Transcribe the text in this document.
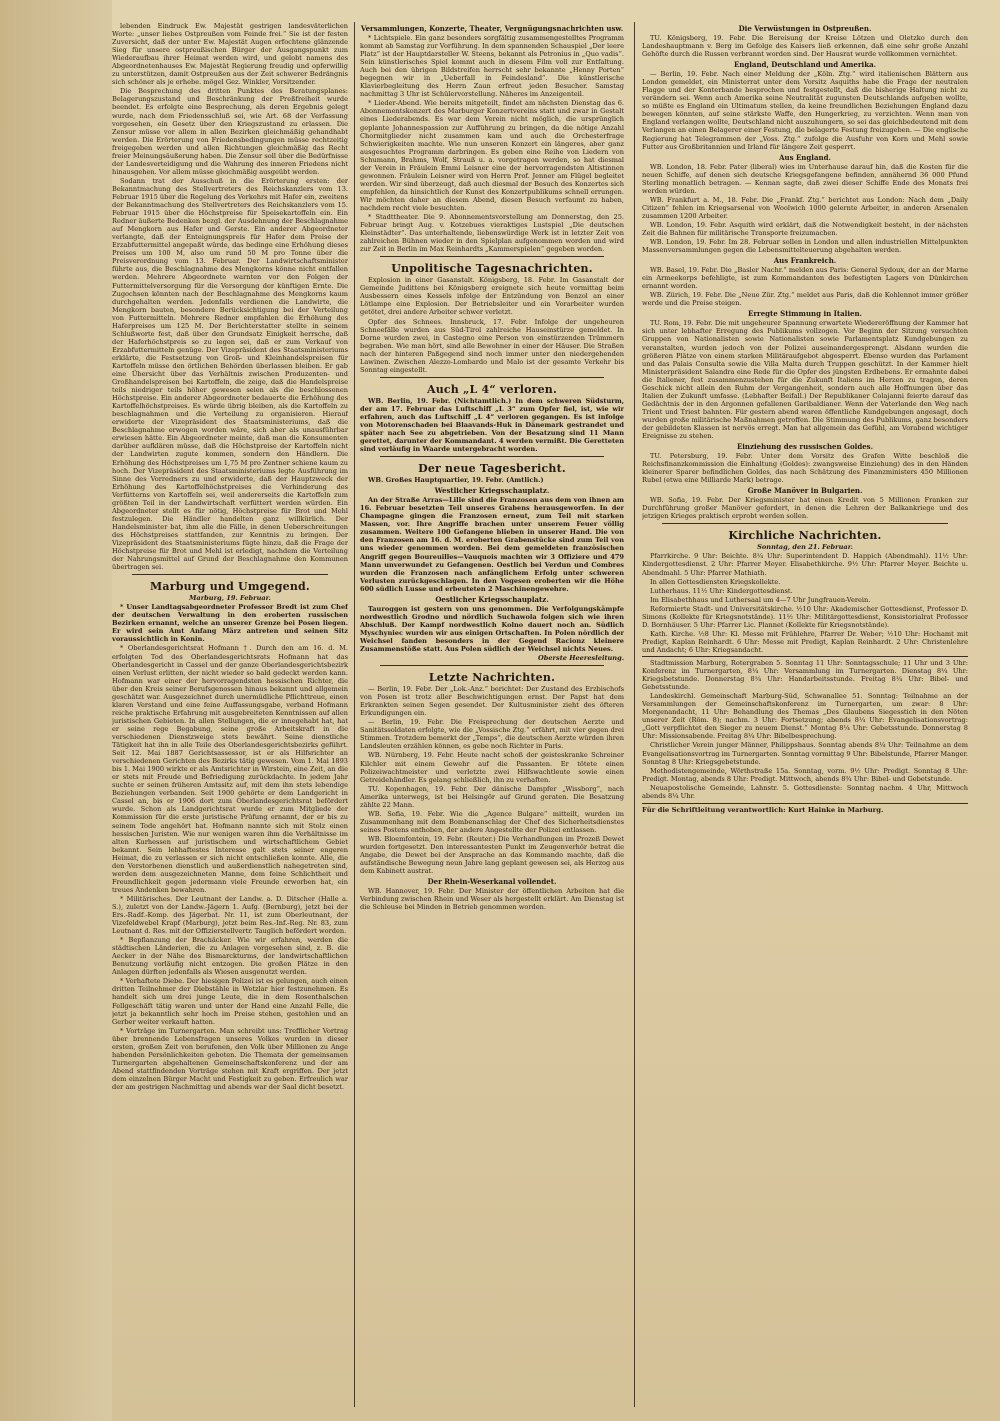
lebenden Eindruck Ew. Majestät gestrigen landesväterlichen Worte: „unser liebes Ostpreußen vom Feinde frei.“ Sie ist der festen Zuversicht, daß der unter Ew. Majestät Augen erfochtene glänzende Sieg für unsere ostpreußischen Bürger der Ausgangspunkt zum Wiederaufbau ihrer Heimat werden wird, und gelobt namens des Abgeordnetenhauses Ew. Majestät Regierung freudig und opferwillig zu unterstützen, damit Ostpreußen aus der Zeit schwerer Bedrängnis sich schöner als je erhebe. mögel Gez. Winkler, Vorsitzender.

Die Besprechung des dritten Punktes des Beratungsplanes: Belagerungszustand und Beschränkung der Preßfreiheit wurde beendet. Es erfolgte eine Besprechung, als deren Ergebnis gelegt wurde, nach dem Friedensschluß sei, wie Art. 68 der Verfassung vorgesehen, ein Gesetz über den Kriegszustand zu erlassen. Die Zensur müsse vor allem in allen Bezirken gleichmäßig gehandhabt werden. Die Erörterung von Friedensbedingungen müsse rechtzeitig freigegeben werden und allen Richtungen gleichmäßig das Recht freier Meinungsäußerung haben. Die Zensur soll über die Bedürfnisse der Landesverteidigung und die Wahrung des inneren Friedens nicht hinausgehen. Vor allem müsse gleichmäßig ausgeübt werden.

Sodann trat der Ausschuß in die Erörterung ersten: der Bekanntmachung des Stellvertreters des Reichskanzlers vom 13. Februar 1915 über die Regelung des Verkehrs mit Hafer ein, zweitens der Bekanntmachung des Stellvertreters des Reichskanzlers vom 15. Februar 1915 über die Höchstpreise für Speisekartoffeln ein. Ein Redner äußerte Bedenken bezgl. der Ausdehnung der Beschlagnahme auf Mengkorn aus Hafer und Gerste. Ein anderer Abgeordneter verlangte, daß der Enteignungspreis für Hafer dem Preise der Erzabfuttermittel angepaßt würde, das bedinge eine Erhöhung dieses Preises um 100 M, also um rund 50 M pro Tonne über die Preisverordnung vom 13. Februar. Der Landwirtschaftsminister führte aus, die Beschlagnahme des Mengkorns könne nicht entfallen werden. Mehrere Abgeordnete warnten vor den Folgen der Futtermittelversorgung für die Versorgung der künftigen Ernte. Die Zugochsen könnten nach der Beschlagnahme des Mengkorns kaum durchgehalten werden. Jedenfalls verdienen die Landwirte, die Mengkorn bauten, besondere Berücksichtigung bei der Verteilung von Futtermitteln. Mehrere Redner empfahlen die Erhöhung des Haferpreises um 125 M. Der Berichterstatter stellte in seinem Schlußworte fest, daß über den Grundsatz Einigkeit herrsche, daß der Haferhöchstpreis so zu legen sei, daß er zum Verkauf von Erzabfuttermitteln genüge. Der Vizepräsident des Staatsministeriums erklärte, die Festsetzung von Groß- und Kleinhandelspreisen für Kartoffeln müsse den örtlichen Behörden überlassen bleiben. Er gab eine Übersicht über das Verhältnis zwischen Produzenten- und Großhandelspreisen bei Kartoffeln, die zeige, daß die Handelspreise teils niedriger teils höher gewesen seien als die beschlossenen Höchstpreise. Ein anderer Abgeordneter bedauerte die Erhöhung des Kartoffelhöchstpreises. Es würde übrig bleiben, als die Kartoffeln zu beschlagnahmen und die Verteilung zu organisieren. Hierauf erwiderte der Vizepräsident des Staatsministeriums, daß die Beschlagnahme erwogen worden wäre, sich aber als unausführbar erwiesen hätte. Ein Abgeordneter meinte, daß man die Konsumenten darüber aufklären müsse, daß die Höchstpreise der Kartoffeln nicht der Landwirten zugute kommen, sondern den Händlern. Die Erhöhung des Höchstpreises um 1,75 M pro Zentner schiene kaum zu hoch. Der Vizepräsident des Staatsministeriums legte Ausführung im Sinne des Vorredners zu und erwiderte, daß der Hauptzweck der Erhöhung des Kartoffelhöchstpreises die Verhinderung des Verfütterns von Kartoffeln sei, weil andererseits die Kartoffeln zum größten Teil in der Landwirtschaft verfüttert werden würden. Ein Abgeordneter stellt es für nötig, Höchstpreise für Brot und Mehl festzulegen. Die Händler handelten ganz willkürlich. Der Handelsminister bat, ihm alle die Fälle, in denen Ueberschreitungen des Höchstpreises stattfanden, zur Kenntnis zu bringen. Der Vizepräsident des Staatsministeriums fügte hinzu, daß die Frage der Höchstpreise für Brot und Mehl ist erledigt, nachdem die Verteilung der Nahrungsmittel auf Grund der Beschlagnahme den Kommunen übertragen sei.

Marburg und Umgegend.
Marburg, 19. Februar.

* Unser Landtagsabgeordneter Professor Bredt ist zum Chef der deutschen Verwaltung in den eroberten russischen Bezirken ernannt, welche an unserer Grenze bei Posen liegen. Er wird sein Amt Anfang März antreten und seinen Sitz voraussichtlich in Konin.

* Oberlandesgerichtsrat Hofmann †. Durch den am 16. d. M. erfolgten Tod des Oberlandesgerichtsrats Hofmann hat das Oberlandesgericht in Cassel und der ganze Oberlandesgerichtsbezirk einen Verlust erlitten, der nicht wieder so bald gedeckt werden kann. Hofmann war einer der hervorragendsten hessischen Richter, die über den Kreis seiner Berufsgenossen hinaus bekannt und allgemein geschätzt war. Ausgezeichnet durch unermüdliche Pflichttreue, einen klaren Verstand und eine feine Auffassungsgabe, verband Hofmann reiche praktische Erfahrung mit ausgebreiteten Kenntnissen auf allen juristischen Gebieten. In allen Stellungen, die er innegehabt hat, hat er seine rege Begabung, seine große Arbeitskraft in die verschiedenen Dienstzweige stets bewährt. Seine dienstliche Tätigkeit hat ihn in alle Teile des Oberlandesgerichtsbezirks geführt. Seit 12. Mai 1887 Gerichtsassessor, ist er als Hilfsrichter an verschiedenen Gerichten des Bezirks tätig gewesen. Vom 1. Mai 1893 bis 1. Mai 1900 wirkte er als Amtsrichter in Wirstein, eine Zeit, an die er stets mit Freude und Befriedigung zurückdachte. In jedem Jahr suchte er seinen früheren Amtssitz auf, mit dem ihn stets lebendige Beziehungen verbanden. Seit 1900 gehörte er dem Landgericht in Cassel an, bis er 1906 dort zum Oberlandesgerichtsrat befördert wurde. Schon als Landgerichtsrat wurde er zum Mitgliede der Kommission für die erste juristische Prüfung ernannt, der er bis zu seinem Tode angehört hat. Hofmann nannte sich mit Stolz einen hessischen Juristen. Wie nur wenigen waren ihm die Verhältnisse im alten Kurhessen auf juristischem und wirtschaftlichem Gebiet bekannt. Sein lebhaftestes Interesse galt stets seiner engeren Heimat, die zu verlassen er sich nicht entschließen konnte. Alle, die den Verstorbenen dienstlich und außerdienstlich nahegetreten sind, werden dem ausgezeichneten Manne, dem feine Schlichtheit und Freundlichkeit gegen jedermann viele Freunde erworben hat, ein treues Andenken bewahren.

* Militärisches. Der Leutnant der Landw. a. D. Ditscher (Halle a. S.), zuletzt von der Landw.-Jägern 1. Aufg. (Bernburg), jetzt bei der Ers.-Radf.-Komp. des Jägerbat. Nr. 11, ist zum Oberleutnant, der Vizefeldwebel Krapf (Marburg), jetzt beim Res.-Inf.-Reg. Nr. 83, zum Leutnant d. Res. mit der Offizierstellvertr. Tauglich befördert worden.

* Bepflanzung der Brachäcker. Wie wir erfahren, werden die städtischen Länderien, die zu Anlagen vorgesehen sind, z. B. die Aecker in der Nähe des Bismarckturms, der landwirtschaftlichen Benutzung vorläufig nicht entzogen. Die großen Plätze in den Anlagen dürften jedenfalls als Wiesen ausgenutzt werden.

* Verhaftete Diebe. Der hiesigen Polizei ist es gelungen, auch einen dritten Teilnehmer der Diebstähle in Wetzlar hier festzunehmen. Es handelt sich um drei junge Leute, die in dem Rosenthalschen Fellgeschäft tätig waren und unter der Hand eine Anzahl Felle, die jetzt ja bekanntlich sehr hoch im Preise stehen, gestohlen und an Gerber weiter verkauft hatten.

* Vorträge im Turnergarten. Man schreibt uns: Trefflicher Vortrag über brennende Lebensfragen unseres Volkes wurden in dieser ersten, großen Zeit von berufenen, den Volk über Millionen zu Ange habenden Persönlichkeiten geboten. Die Themata der gemeinsamen Turnergarten abgehaltenen Gemeinschaftskonferenz und der am Abend stattfindenden Vorträge stehen mit Kraft ergriffen. Der jetzt dem einzelnen Bürger Macht und Festigkeit zu geben. Erfreulich war der am gestrigen Nachmittag und abends war der Saal dicht besetzt.

Versammlungen, Konzerte, Theater, Vergnügungsnachrichten usw.

* Lichtspiele. Ein ganz besonders sorgfältig zusammengestelltes Programm kommt ab Samstag zur Vorführung. In dem spannenden Schauspiel „Der leere Platz“ ist der Hauptdarsteller W. Steens, bekannt als Petronius in „Quo vadis“. Sein künstlerisches Spiel kommt auch in diesem Film voll zur Entfaltung. Auch bei den übrigen Bildstreifen herrscht sehr bekannte „Henny Porten“ begegnen wir in „Ueberfall in Feindesland“. Die künstlerische Klavierbegleitung des Herrn Zaun erfreut jeden Besucher. Samstag nachmittag 3 Uhr ist Schülervorstellung. Näheres im Anzeigenteil.

* Lieder-Abend. Wie bereits mitgeteilt, findet am nächsten Dienstag das 6. Abonnementskonzert des Marburger Konzertvereins statt und zwar in Gestalt eines Liederabends. Es war dem Verein nicht möglich, die ursprünglich geplante Johannespassion zur Aufführung zu bringen, da die nötige Anzahl Chormitglieder nicht zusammen kam und auch die Orchesterfrage Schwierigkeiten machte. Wie nun unseren Konzert ein längeres, aber ganz ausgesuchtes Programm darbringen. Es geben eine Reihe von Liedern von Schumann, Brahms, Wolf, Strauß u. a. vorgetragen werden, so hat diesmal der Verein in Fräulein Emmi Leisner eine der hervorragendsten Altistinnen gewonnen. Fräulein Leisner wird von Herrn Prof. Jenner am Flügel begleitet werden. Wir sind überzeugt, daß auch diesmal der Besuch des Konzertes sich empfehlen, da hinsichtlich der Kunst des Konzertpublikums schnell errungen. Wir möchten daher an diesem Abend, diesen Besuch verfaumt zu haben, nachdem recht viele besuchten.

* Stadttheater. Die 9. Abonnementsvorstellung am Donnerstag, den 25. Februar bringt Aug. v. Kotzebues vieraktiges Lustspiel „Die deutschen Kleinstädter“. Das unterhaltende, liebenswürdige Werk ist in letzter Zeit von zahlreichen Bühnen wieder in den Spielplan aufgenommen worden und wird zur Zeit in Berlin im Max Reinhardts „Kammerspielen“ gegeben worden.

Unpolitische Tagesnachrichten.

Explosion in einer Gasanstalt. Königsberg, 18. Febr. Im Gasanstalt der Gemeinde Judittens bei Königsberg ereignete sich heute vormittag beim Ausbessern eines Kessels infolge der Entzündung von Benzol an einer Lötlampe eine Explosion. Der Betriebsleiter und ein Vorarbeiter wurden getötet, drei andere Arbeiter schwer verletzt.

Opfer des Schnees. Innsbruck, 17. Febr. Infolge der ungeheuren Schneefälle wurden aus Süd-Tirol zahlreiche Hauseinstürze gemeldet. In Dorne wurden zwei, in Castegno eine Person von einstürzenden Trümmern begraben. Wie man hört, sind alle Bewohner in einer der Häuser. Die Straßen nach der hinteren Paßgegend sind noch immer unter den niedergehenden Lawinen. Zwischen Alezzo-Lombardo und Malo ist der gesamte Verkehr bis Sonntag eingestellt.

Auch „L 4“ verloren.

WB. Berlin, 19. Febr. (Nichtamtlich.) In dem schweren Südsturm, der am 17. Februar das Luftschiff „L 3“ zum Opfer fiel, ist, wie wir erfahren, auch das Luftschiff „L 4“ verloren gegangen. Es ist infolge von Motorenschaden bei Blaavands-Huk in Dänemark gestrandet und später nach See zu abgetrieben. Von der Besatzung sind 11 Mann gerettet, darunter der Kommandant. 4 werden vermißt. Die Geretteten sind vorläufig in Waarde untergebracht worden.

Der neue Tagesbericht.

WB. Großes Hauptquartier, 19. Febr. (Amtlich.)

Westlicher Kriegsschauplatz.

An der Straße Arras—Lille sind die Franzosen aus dem von ihnen am 16. Februar besetzten Teil unseres Grabens herausgeworfen. In der Champagne gingen die Franzosen erneut, zum Teil mit starken Massen, vor. Ihre Angriffe brachen unter unserem Feuer völlig zusammen. Weitere 100 Gefangene blieben in unserer Hand. Die von den Franzosen am 16. d. M. eroberten Grabenstücke sind zum Teil von uns wieder genommen worden. Bei dem gemeldeten französischen Angriff gegen Boureuilles—Vauquois machten wir 3 Offiziere und 479 Mann unverwundet zu Gefangenen. Oestlich bei Verdun und Combres wurden die Franzosen nach anfänglichem Erfolg unter schweren Verlusten zurückgeschlagen. In den Vogesen eroberten wir die Höhe 600 südlich Lusse und erbeuteten 2 Maschinengewehre.

Oestlicher Kriegsschauplatz.

Tauroggen ist gestern von uns genommen. Die Verfolgungskämpfe nordwestlich Grodno und nördlich Suchawola folgen sich wie ihren Abschluß. Der Kampf nordwestlich Kolno dauert noch an. Südlich Myschyniec wurden wir aus einigen Ortschaften. In Polen nördlich der Weichsel fanden besonders in der Gegend Racionz kleinere Zusammenstöße statt. Aus Polen südlich der Weichsel nichts Neues.

Oberste Heeresleitung.
Letzte Nachrichten.

— Berlin, 19. Febr. Der „Lok.-Anz.“ berichtet: Der Zustand des Erzbischofs von Posen ist trotz aller Beschwichtigungen ernst. Der Papst hat dem Erkrankten seinen Segen gesendet. Der Kultusminister zieht des öfteren Erkundigungen ein.

— Berlin, 19. Febr. Die Freisprechung der deutschen Aerzte und Sanitätssoldaten erfolgte, wie die „Vossische Ztg.“ erfährt, mit vier gegen drei Stimmen. Trotzdem bemerkt der „Temps“, die deutschen Aerzte würden ihren Landsleuten erzählen können, es gebe noch Richter in Paris.

WB. Nürnberg, 19. Febr. Heute nacht schoß der geisteskranke Schreiner Kilchler mit einem Gewehr auf die Passanten. Er tötete einen Polizeiwachtmeister und verletzte zwei Hilfswachtleute sowie einen Getreidehändler. Es gelang schließlich, ihn zu verhaften.

TU. Kopenhagen, 19. Febr. Der dänische Dampfer „Wissborg“, nach Amerika unterwegs, ist bei Helsingör auf Grund geraten. Die Besatzung zählte 22 Mann.

WB. Sofia, 19. Febr. Wie die „Agence Bulgare“ mitteilt, wurden im Zusammenhang mit dem Bombenanschlag der Chef des Sicherheitsdienstes seines Postens enthoben, der andere Angestellte der Polizei entlassen.

WB. Bloemfontein, 19. Febr. (Reuter.) Die Verhandlungen im Prozeß Dewet wurden fortgesetzt. Den interessantesten Punkt im Zeugenverhör betrat die Angabe, die Dewet bei der Ansprache an das Kommando machte, daß die aufständische Bewegung neun Jahre lang geplant gewesen sei, als Herzog aus dem Kabinett austrat.

Der Rhein-Weserkanal vollendet.

WB. Hannover, 19. Febr. Der Minister der öffentlichen Arbeiten hat die Verbindung zwischen Rhein und Weser als hergestellt erklärt. Am Dienstag ist die Schleuse bei Minden in Betrieb genommen worden.

Die Verwüstungen in Ostpreußen.

TU. Königsberg, 19. Febr. Die Bereisung der Kreise Lötzen und Oletzko durch den Landeshauptmann v. Berg im Gefolge des Kaisers ließ erkennen, daß eine sehr große Anzahl Gehöfte durch die Russen verbrannt worden sind. Der Hausrat wurde vollkommen vernichtet.

England, Deutschland und Amerika.

— Berlin, 19. Febr. Nach einer Meldung der „Köln. Ztg.“ wird italienischen Blättern aus London gemeldet, ein Ministerrat unter dem Vorsitz Asquiths habe die Frage der neutralen Flagge und der Konterbande besprochen und festgestellt, daß die bisherige Haltung nicht zu verändern sei. Wenn auch Amerika seine Neutralität zugunsten Deutschlands aufgeben wollte, so müßte es England ein Ultimatum stellen, da keine freundlichen Beziehungen England dazu bewegen könnten, auf seine stärkste Waffe, den Hungerkrieg, zu verzichten. Wenn man von England verlangen wollte, Deutschland nicht auszuhungern, so sei das gleichbedeutend mit dem Verlangen an einen Belagerer einer Festung, die belagerte Festung freizugeben. — Die englische Regierung hat Telegrammen der „Voss. Ztg.“ zufolge die Ausfuhr von Korn und Mehl sowie Futter aus Großbritannien und Irland für längere Zeit gesperrt.

Aus England.

WB. London, 18. Febr. Pater (liberal) wies im Unterhause darauf hin, daß die Kosten für die neuen Schiffe, auf denen sich deutsche Kriegsgefangene befinden, annähernd 36 000 Pfund Sterling monatlich betragen. — Kennan sagte, daß zwei dieser Schiffe Ende des Monats frei werden würden.

WB. Frankfurt a. M., 18. Febr. Die „Frankf. Ztg.“ berichtet aus London: Nach dem „Daily Citizen“ fehlen im Kriegsarsenal von Woolwich 1000 gelernte Arbeiter, in anderen Arsenalen zusammen 1200 Arbeiter.

WB. London, 19. Febr. Asquith wird erklärt, daß die Notwendigkeit besteht, in der nächsten Zeit die Bahnen für militärische Transporte freizumachen.

WB. London, 19. Febr. Im 28. Februar sollen in London und allen industriellen Mittelpunkten Massenversammlungen gegen die Lebensmittelteuerung abgehalten werden.

Aus Frankreich.

WB. Basel, 19. Febr. Die „Basler Nachr.“ melden aus Paris: General Sydoux, der an der Marne ein Armeekorps befehligte, ist zum Kommandanten des befestigten Lagers von Dünkirchen ernannt worden.

WB. Zürich, 19. Febr. Die „Neue Zür. Ztg.“ meldet aus Paris, daß die Kohlennot immer größer werde und die Preise steigen.

Erregte Stimmung in Italien.

TU. Rom, 19. Febr. Die mit ungeheurer Spannung erwartete Wiedereröffnung der Kammer hat sich unter lebhafter Erregung des Publikums vollzogen. Vor Beginn der Sitzung versuchten Gruppen von Nationalisten sowie Nationalisten sowie Parlamentsplatz Kundgebungen zu veranstalten, wurden jedoch von der Polizei auseinandergesprengt. Alsdann wurden die größeren Plätze von einem starken Militäraufgebot abgesperrt. Ebenso wurden das Parlament und das Palais Consulta sowie die Villa Malta durch Truppen geschützt. In der Kammer hielt Ministerpräsident Salandra eine Rede für die Opfer des jüngsten Erdbebens. Er ermahnte dabei die Italiener, fest zusammenzustehen für die Zukunft Italiens im Herzen zu tragen, deren Geschick nicht allein den Ruhm der Vergangenheit, sondern auch alle Hoffnungen über das Italien der Zukunft umfasse. (Lebhafter Beifall.) Der Republikaner Colajanni feierte darauf das Gedächtnis der in den Argonnen gefallenen Garibaldianer. Wenn der Vaterlande den Weg nach Trient und Triest bahnten. Für gestern abend waren öffentliche Kundgebungen angesagt, doch wurden große militärische Maßnahmen getroffen. Die Stimmung des Publikums, ganz besonders der gebildeten Klassen ist nervös erregt. Man hat allgemein das Gefühl, am Vorabend wichtiger Ereignisse zu stehen.

Einziehung des russischen Goldes.

TU. Petersburg, 19. Febr. Unter dem Vorsitz des Grafen Witte beschloß die Reichsfinanzkommission die Einhaltung (Goldes): zwangsweise Einziehung) des in den Händen kleinerer Sparer befindlichen Goldes, das nach Schätzung des Finanzministers 450 Millionen Rubel (etwa eine Milliarde Mark) betrage.

Große Manöver in Bulgarien.

WB. Sofia, 19. Febr. Der Kriegsminister hat einen Kredit von 5 Millionen Franken zur Durchführung großer Manöver gefordert, in denen die Lehren der Balkankriege und des jetzigen Krieges praktisch erprobt werden sollen.

Kirchliche Nachrichten.
Sonntag, den 21. Februar.

Pfarrkirche. 9 Uhr: Beichte. 8¼ Uhr: Superintendent D. Happich (Abendmahl). 11½ Uhr: Kindergottesdienst. 2 Uhr: Pfarrer Meyer. Elisabethkirche. 9½ Uhr: Pfarrer Meyer. Beichte u. Abendmahl. 5 Uhr: Pfarrer Mathiath.

In allen Gottesdiensten Kriegskollekte.

Lutherhaus. 11½ Uhr: Kindergottesdienst.

Im Elisabethhaus und Luthersaal um 4—7 Uhr Jungfrauen-Verein.

Reformierte Stadt- und Universitätskirche. ½10 Uhr: Akademischer Gottesdienst, Professor D. Simons (Kollekte für Kriegsnotstände). 11½ Uhr: Militärgottesdienst, Konsistorialrat Professor D. Bornhäuser. 5 Uhr: Pfarrer Lic. Plannet (Kollekte für Kriegsnotstände).

Kath. Kirche. ½8 Uhr: Kl. Messe mit Frühlehre, Pfarrer Dr. Weber; ½10 Uhr: Hochamt mit Predigt, Kaplan Reinhardt. 6 Uhr: Messe mit Predigt, Kaplan Reinhardt. 2 Uhr: Christenlehre und Andacht; 6 Uhr: Kriegsandacht.

Stadtmission Marburg, Rotergraben 5. Sonntag 11 Uhr: Sonntagsschule; 11 Uhr und 3 Uhr: Konferenz im Turnergarten, 8¼ Uhr: Versammlung im Turnergarten. Dienstag 8¼ Uhr: Kriegsbetstunde. Donnerstag 8¼ Uhr: Handarbeitsstunde. Freitag 8¼ Uhr: Bibel- und Gebetsstunde.

Landeskirchl. Gemeinschaft Marburg-Süd, Schwanallee 51. Sonntag: Teilnahme an der Versammlungen der Gemeinschaftskonferenz im Turnergarten, um zwar: 8 Uhr: Morgenandacht, 11 Uhr: Behandlung des Themas „Des Glaubens Siegesstich in den Nöten unserer Zeit (Röm. 8); nachm. 3 Uhr: Fortsetzung; abends 8¼ Uhr: Evangelisationsvortrag: „Gott verpflichtet den Sieger zu neuem Dienst.“ Montag 8¼ Uhr: Gebetsstunde. Donnerstag 8 Uhr: Missionsabende. Freitag 8¼ Uhr: Bibelbesprechung.

Christlicher Verein junger Männer, Philippshaus. Sonntag abends 8¼ Uhr: Teilnahme an dem Evangelisationsvortrag im Turnergarten. Sonntag vormittag 9 Uhr: Bibelstunde, Pfarrer Manger. Sonntag 8 Uhr: Kriegsgebetstunde.

Methodistengemeinde, Wörthstraße 15a. Sonntag, vorm. 9½ Uhr: Predigt. Sonntag 8 Uhr: Predigt. Montag, abends 8 Uhr: Predigt. Mittwoch, abends 8¾ Uhr: Bibel- und Gebetstunde.

Neuapostolische Gemeinde, Lahnstr. 5. Gottesdienste: Sonntag nachm. 4 Uhr, Mittwoch abends 8¼ Uhr.

Für die Schriftleitung verantwortlich: Kurt Hainke in Marburg.
